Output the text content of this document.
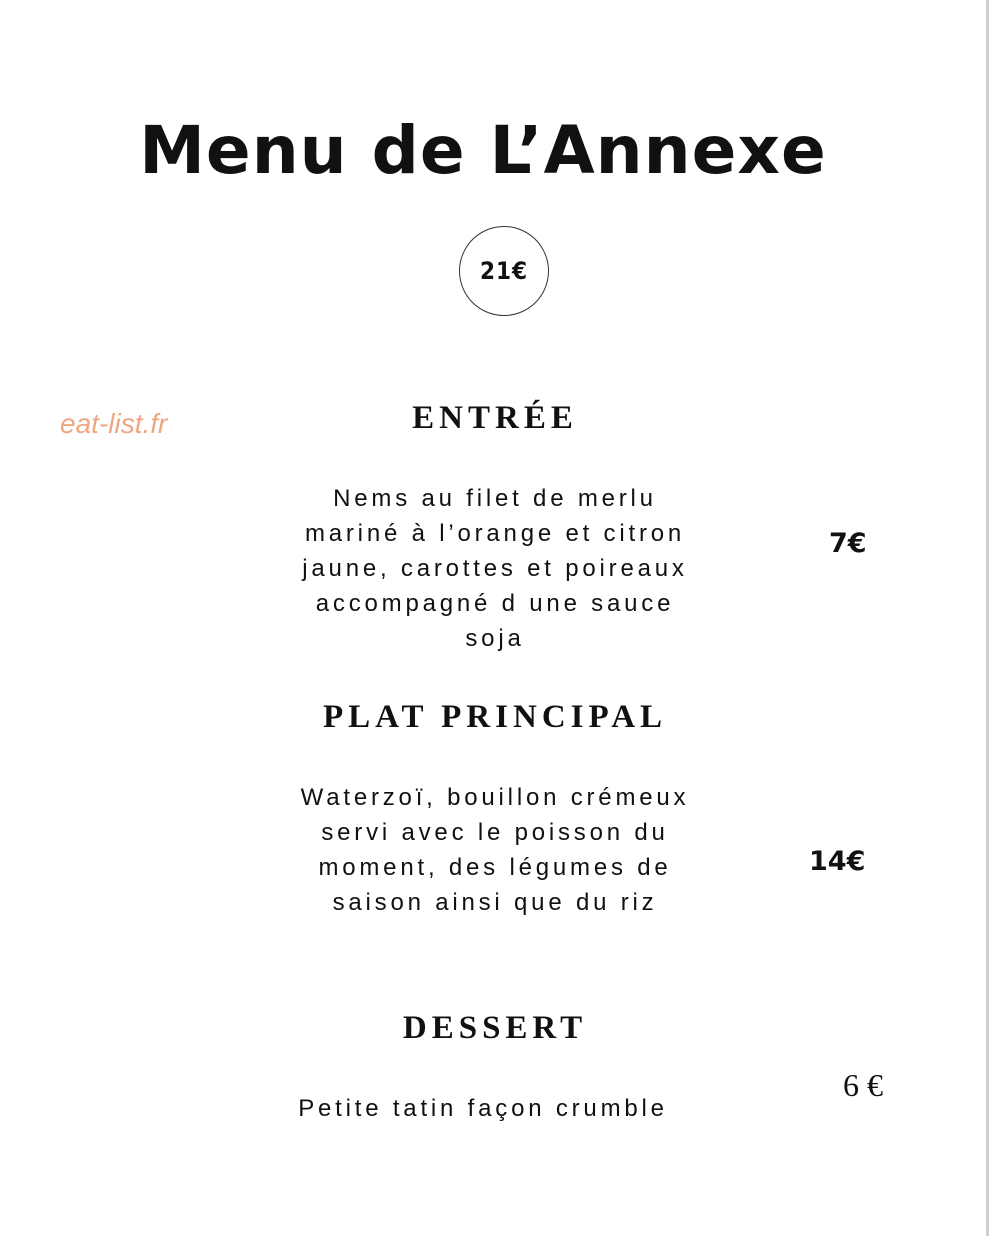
Menu de L’Annexe
21€
eat-list.fr	ENTRÉE
Nems au filet de merlu
mariné à l’orange et citron
jaune, carottes et poireaux
accompagné d une sauce
soja
7€
PLAT PRINCIPAL
Waterzoï, bouillon crémeux
servi avec le poisson du
moment, des légumes de
saison ainsi que du riz
14€
DESSERT
Petite tatin façon crumble
6 €
